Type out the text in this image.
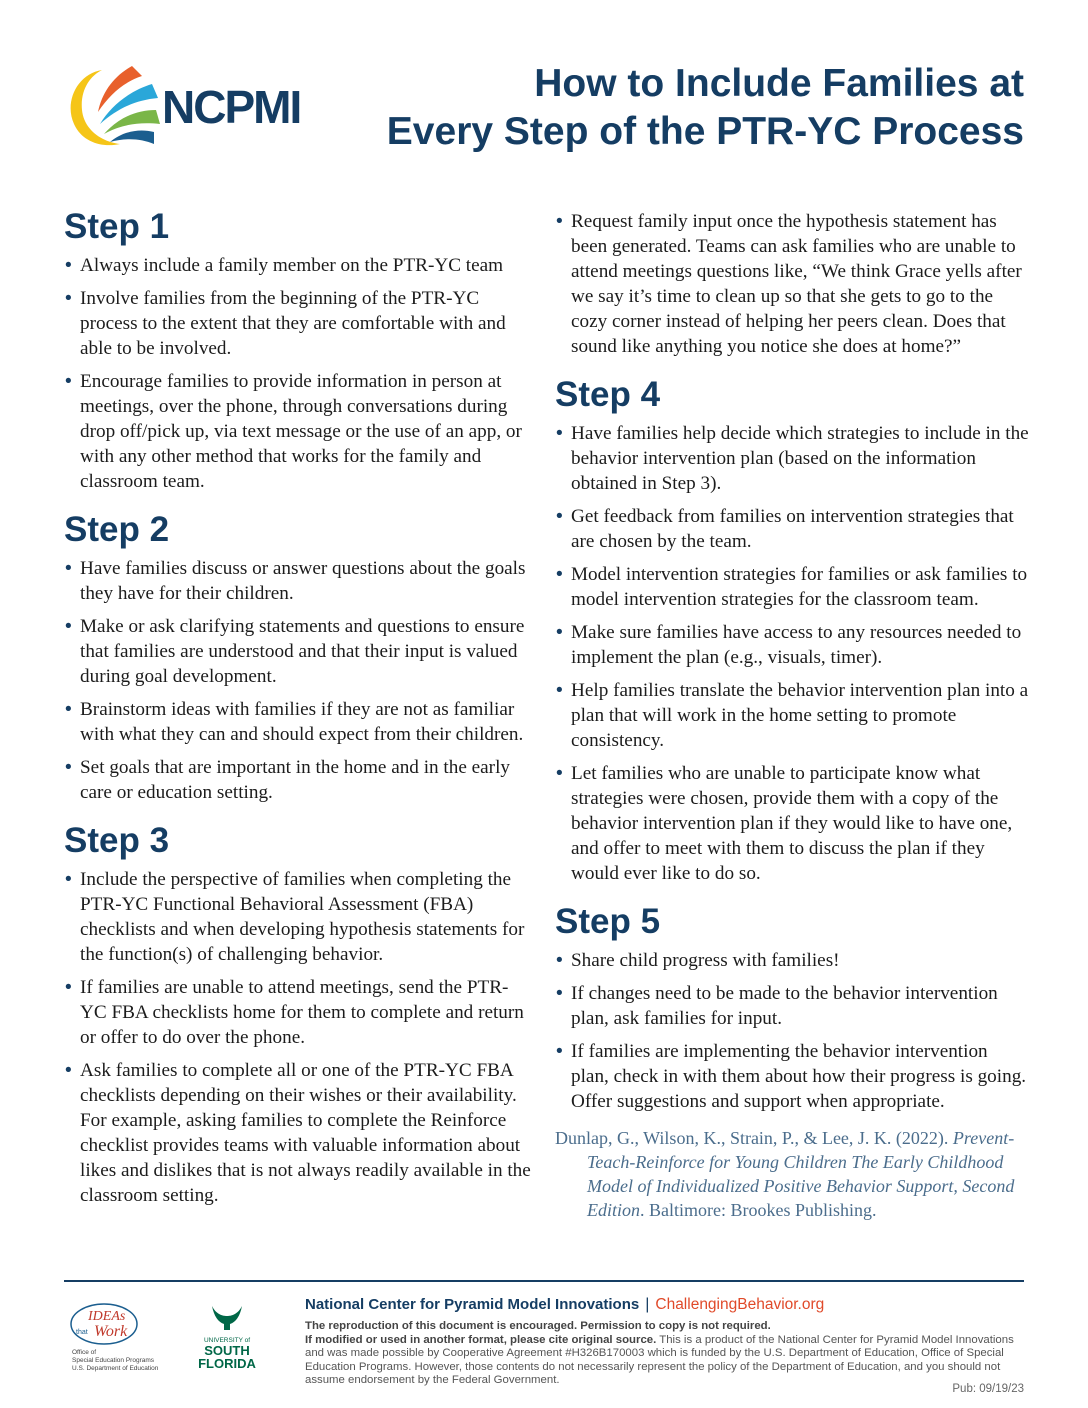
NCPMI	How to Include Families at
Every Step of the PTR-YC Process
Step 1
• Always include a family member on the PTR-YC team
• Involve families from the beginning of the PTR-YC process to the extent that they are comfortable with and able to be involved.
• Encourage families to provide information in person at meetings, over the phone, through conversations during drop off/pick up, via text message or the use of an app, or with any other method that works for the family and classroom team.
Step 2
• Have families discuss or answer questions about the goals they have for their children.
• Make or ask clarifying statements and questions to ensure that families are understood and that their input is valued during goal development.
• Brainstorm ideas with families if they are not as familiar with what they can and should expect from their children.
• Set goals that are important in the home and in the early care or education setting.
Step 3
• Include the perspective of families when completing the PTR-YC Functional Behavioral Assessment (FBA) checklists and when developing hypothesis statements for the function(s) of challenging behavior.
• If families are unable to attend meetings, send the PTR-YC FBA checklists home for them to complete and return or offer to do over the phone.
• Ask families to complete all or one of the PTR-YC FBA checklists depending on their wishes or their availability. For example, asking families to complete the Reinforce checklist provides teams with valuable information about likes and dislikes that is not always readily available in the classroom setting.
• Request family input once the hypothesis statement has been generated. Teams can ask families who are unable to attend meetings questions like, “We think Grace yells after we say it’s time to clean up so that she gets to go to the cozy corner instead of helping her peers clean. Does that sound like anything you notice she does at home?”
Step 4
• Have families help decide which strategies to include in the behavior intervention plan (based on the information obtained in Step 3).
• Get feedback from families on intervention strategies that are chosen by the team.
• Model intervention strategies for families or ask families to model intervention strategies for the classroom team.
• Make sure families have access to any resources needed to implement the plan (e.g., visuals, timer).
• Help families translate the behavior intervention plan into a plan that will work in the home setting to promote consistency.
• Let families who are unable to participate know what strategies were chosen, provide them with a copy of the behavior intervention plan if they would like to have one, and offer to meet with them to discuss the plan if they would ever like to do so.
Step 5
• Share child progress with families!
• If changes need to be made to the behavior intervention plan, ask families for input.
• If families are implementing the behavior intervention plan, check in with them about how their progress is going. Offer suggestions and support when appropriate.
Dunlap, G., Wilson, K., Strain, P., & Lee, J. K. (2022). Prevent-Teach-Reinforce for Young Children The Early Childhood Model of Individualized Positive Behavior Support, Second Edition. Baltimore: Brookes Publishing.
IDEAs
that Work
Office of
Special Education Programs
U.S. Department of Education
UNIVERSITY of
SOUTH
FLORIDA
National Center for Pyramid Model Innovations | ChallengingBehavior.org
The reproduction of this document is encouraged. Permission to copy is not required.
If modified or used in another format, please cite original source. This is a product of the National Center for Pyramid Model Innovations and was made possible by Cooperative Agreement #H326B170003 which is funded by the U.S. Department of Education, Office of Special Education Programs. However, those contents do not necessarily represent the policy of the Department of Education, and you should not assume endorsement by the Federal Government.
Pub: 09/19/23
